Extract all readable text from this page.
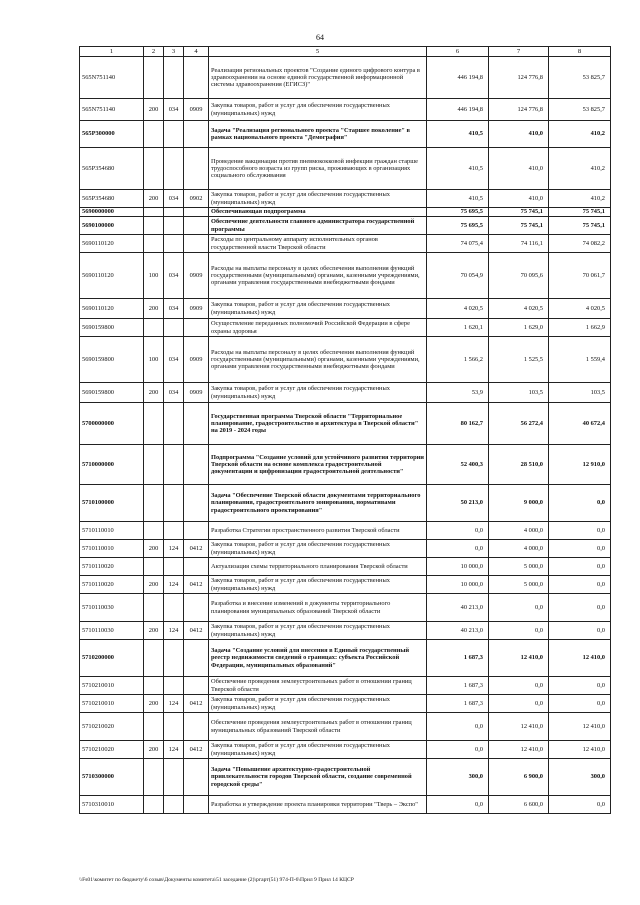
64
1	2	3	4	5	6	7	8
565N751140				Реализация региональных проектов "Создание единого цифрового контура в здравоохранении на основе единой государственной информационной системы здравоохранения (ЕГИСЗ)"	446 194,8	124 776,8	53 825,7
565N751140	200	034	0909	Закупка товаров, работ и услуг для обеспечения государственных (муниципальных) нужд	446 194,8	124 776,8	53 825,7
565P300000				Задача "Реализация регионального проекта "Старшее поколение" в рамках национального проекта "Демография"	410,5	410,0	410,2
565P354680				Проведение вакцинации против пневмококковой инфекции граждан старше трудоспособного возраста из групп риска, проживающих в организациях социального обслуживания	410,5	410,0	410,2
565P354680	200	034	0902	Закупка товаров, работ и услуг для обеспечения государственных (муниципальных) нужд	410,5	410,0	410,2
5690000000				Обеспечивающая подпрограмма	75 695,5	75 745,1	75 745,1
5690100000				Обеспечение деятельности главного администратора государственной программы	75 695,5	75 745,1	75 745,1
5690110120				Расходы по центральному аппарату исполнительных органов государственной власти Тверской области	74 075,4	74 116,1	74 082,2
5690110120	100	034	0909	Расходы на выплаты персоналу в целях обеспечения выполнения функций государственными (муниципальными) органами, казенными учреждениями, органами управления государственными внебюджетными фондами	70 054,9	70 095,6	70 061,7
5690110120	200	034	0909	Закупка товаров, работ и услуг для обеспечения государственных (муниципальных) нужд	4 020,5	4 020,5	4 020,5
5690159800				Осуществление переданных полномочий Российской Федерации в сфере охраны здоровья	1 620,1	1 629,0	1 662,9
5690159800	100	034	0909	Расходы на выплаты персоналу в целях обеспечения выполнения функций государственными (муниципальными) органами, казенными учреждениями, органами управления государственными внебюджетными фондами	1 566,2	1 525,5	1 559,4
5690159800	200	034	0909	Закупка товаров, работ и услуг для обеспечения государственных (муниципальных) нужд	53,9	103,5	103,5
5700000000				Государственная программа Тверской области "Территориальное планирование, градостроительство и архитектура в Тверской области" на 2019 - 2024 годы	80 162,7	56 272,4	40 672,4
5710000000				Подпрограмма "Создание условий для устойчивого развития территории Тверской области на основе комплекса градостроительной документации и цифровизации градостроительной деятельности"	52 400,3	28 510,0	12 910,0
5710100000				Задача "Обеспечение Тверской области документами территориального планирования, градостроительного зонирования, нормативами градостроительного проектирования"	50 213,0	9 000,0	0,0
5710110010				Разработка Стратегии пространственного развития Тверской области	0,0	4 000,0	0,0
5710110010	200	124	0412	Закупка товаров, работ и услуг для обеспечения государственных (муниципальных) нужд	0,0	4 000,0	0,0
5710110020				Актуализация схемы территориального планирования Тверской области	10 000,0	5 000,0	0,0
5710110020	200	124	0412	Закупка товаров, работ и услуг для обеспечения государственных (муниципальных) нужд	10 000,0	5 000,0	0,0
5710110030				Разработка и внесение изменений в документы территориального планирования муниципальных образований Тверской области	40 213,0	0,0	0,0
5710110030	200	124	0412	Закупка товаров, работ и услуг для обеспечения государственных (муниципальных) нужд	40 213,0	0,0	0,0
5710200000				Задача "Создание условий для внесения в Единый государственный реестр недвижимости сведений о границах: субъекта Российской Федерации, муниципальных образований"	1 687,3	12 410,0	12 410,0
5710210010				Обеспечение проведения землеустроительных работ в отношении границ Тверской области	1 687,3	0,0	0,0
5710210010	200	124	0412	Закупка товаров, работ и услуг для обеспечения государственных (муниципальных) нужд	1 687,3	0,0	0,0
5710210020				Обеспечение проведения землеустроительных работ в отношении границ муниципальных образований Тверской области	0,0	12 410,0	12 410,0
5710210020	200	124	0412	Закупка товаров, работ и услуг для обеспечения государственных (муниципальных) нужд	0,0	12 410,0	12 410,0
5710300000				Задача "Повышение архитектурно-градостроительной привлекательности городов Тверской области, создание современной городской среды"	300,0	6 900,0	300,0
5710310010				Разработка и утверждение проекта планировки территории "Тверь – Экспо"	0,0	6 600,0	0,0
\\Fs01\комитет по бюджету\6 созыв\Документы комитета\51 заседание (2)\ргарт(51) 974-П-6\Прил 9 Прил 14 КЦСР
